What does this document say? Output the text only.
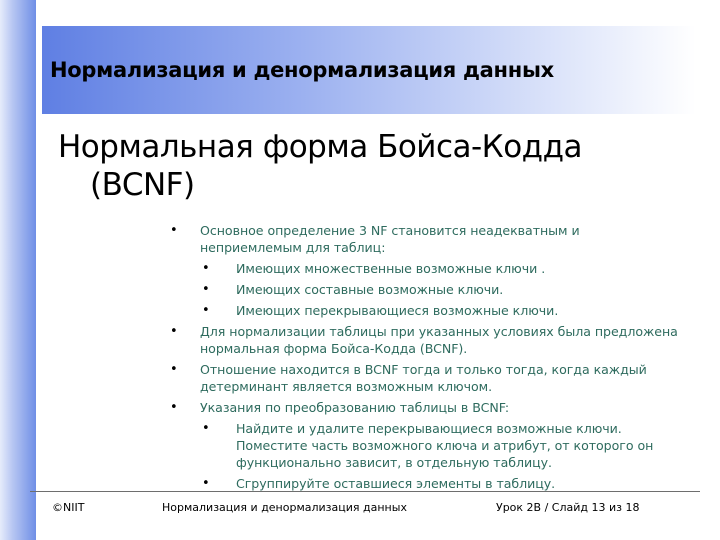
Нормализация и денормализация данных
Нормальная форма Бойса-Кодда
(BCNF)
• Основное определение 3 NF становится неадекватным и неприемлемым для таблиц:
• Имеющих множественные возможные ключи .
• Имеющих составные возможные ключи.
• Имеющих перекрывающиеся возможные ключи.
• Для нормализации таблицы при указанных условиях была предложена нормальная форма Бойса-Кодда (BCNF).
• Отношение находится в BCNF тогда и только тогда, когда каждый детерминант является возможным ключом.
• Указания по преобразованию таблицы в BCNF:
• Найдите и удалите перекрывающиеся возможные ключи. Поместите часть возможного ключа и атрибут, от которого он функционально зависит, в отдельную таблицу.
• Сгруппируйте оставшиеся элементы в таблицу.
©NIIT	Нормализация и денормализация данных	Урок 2B / Слайд 13 из 18
